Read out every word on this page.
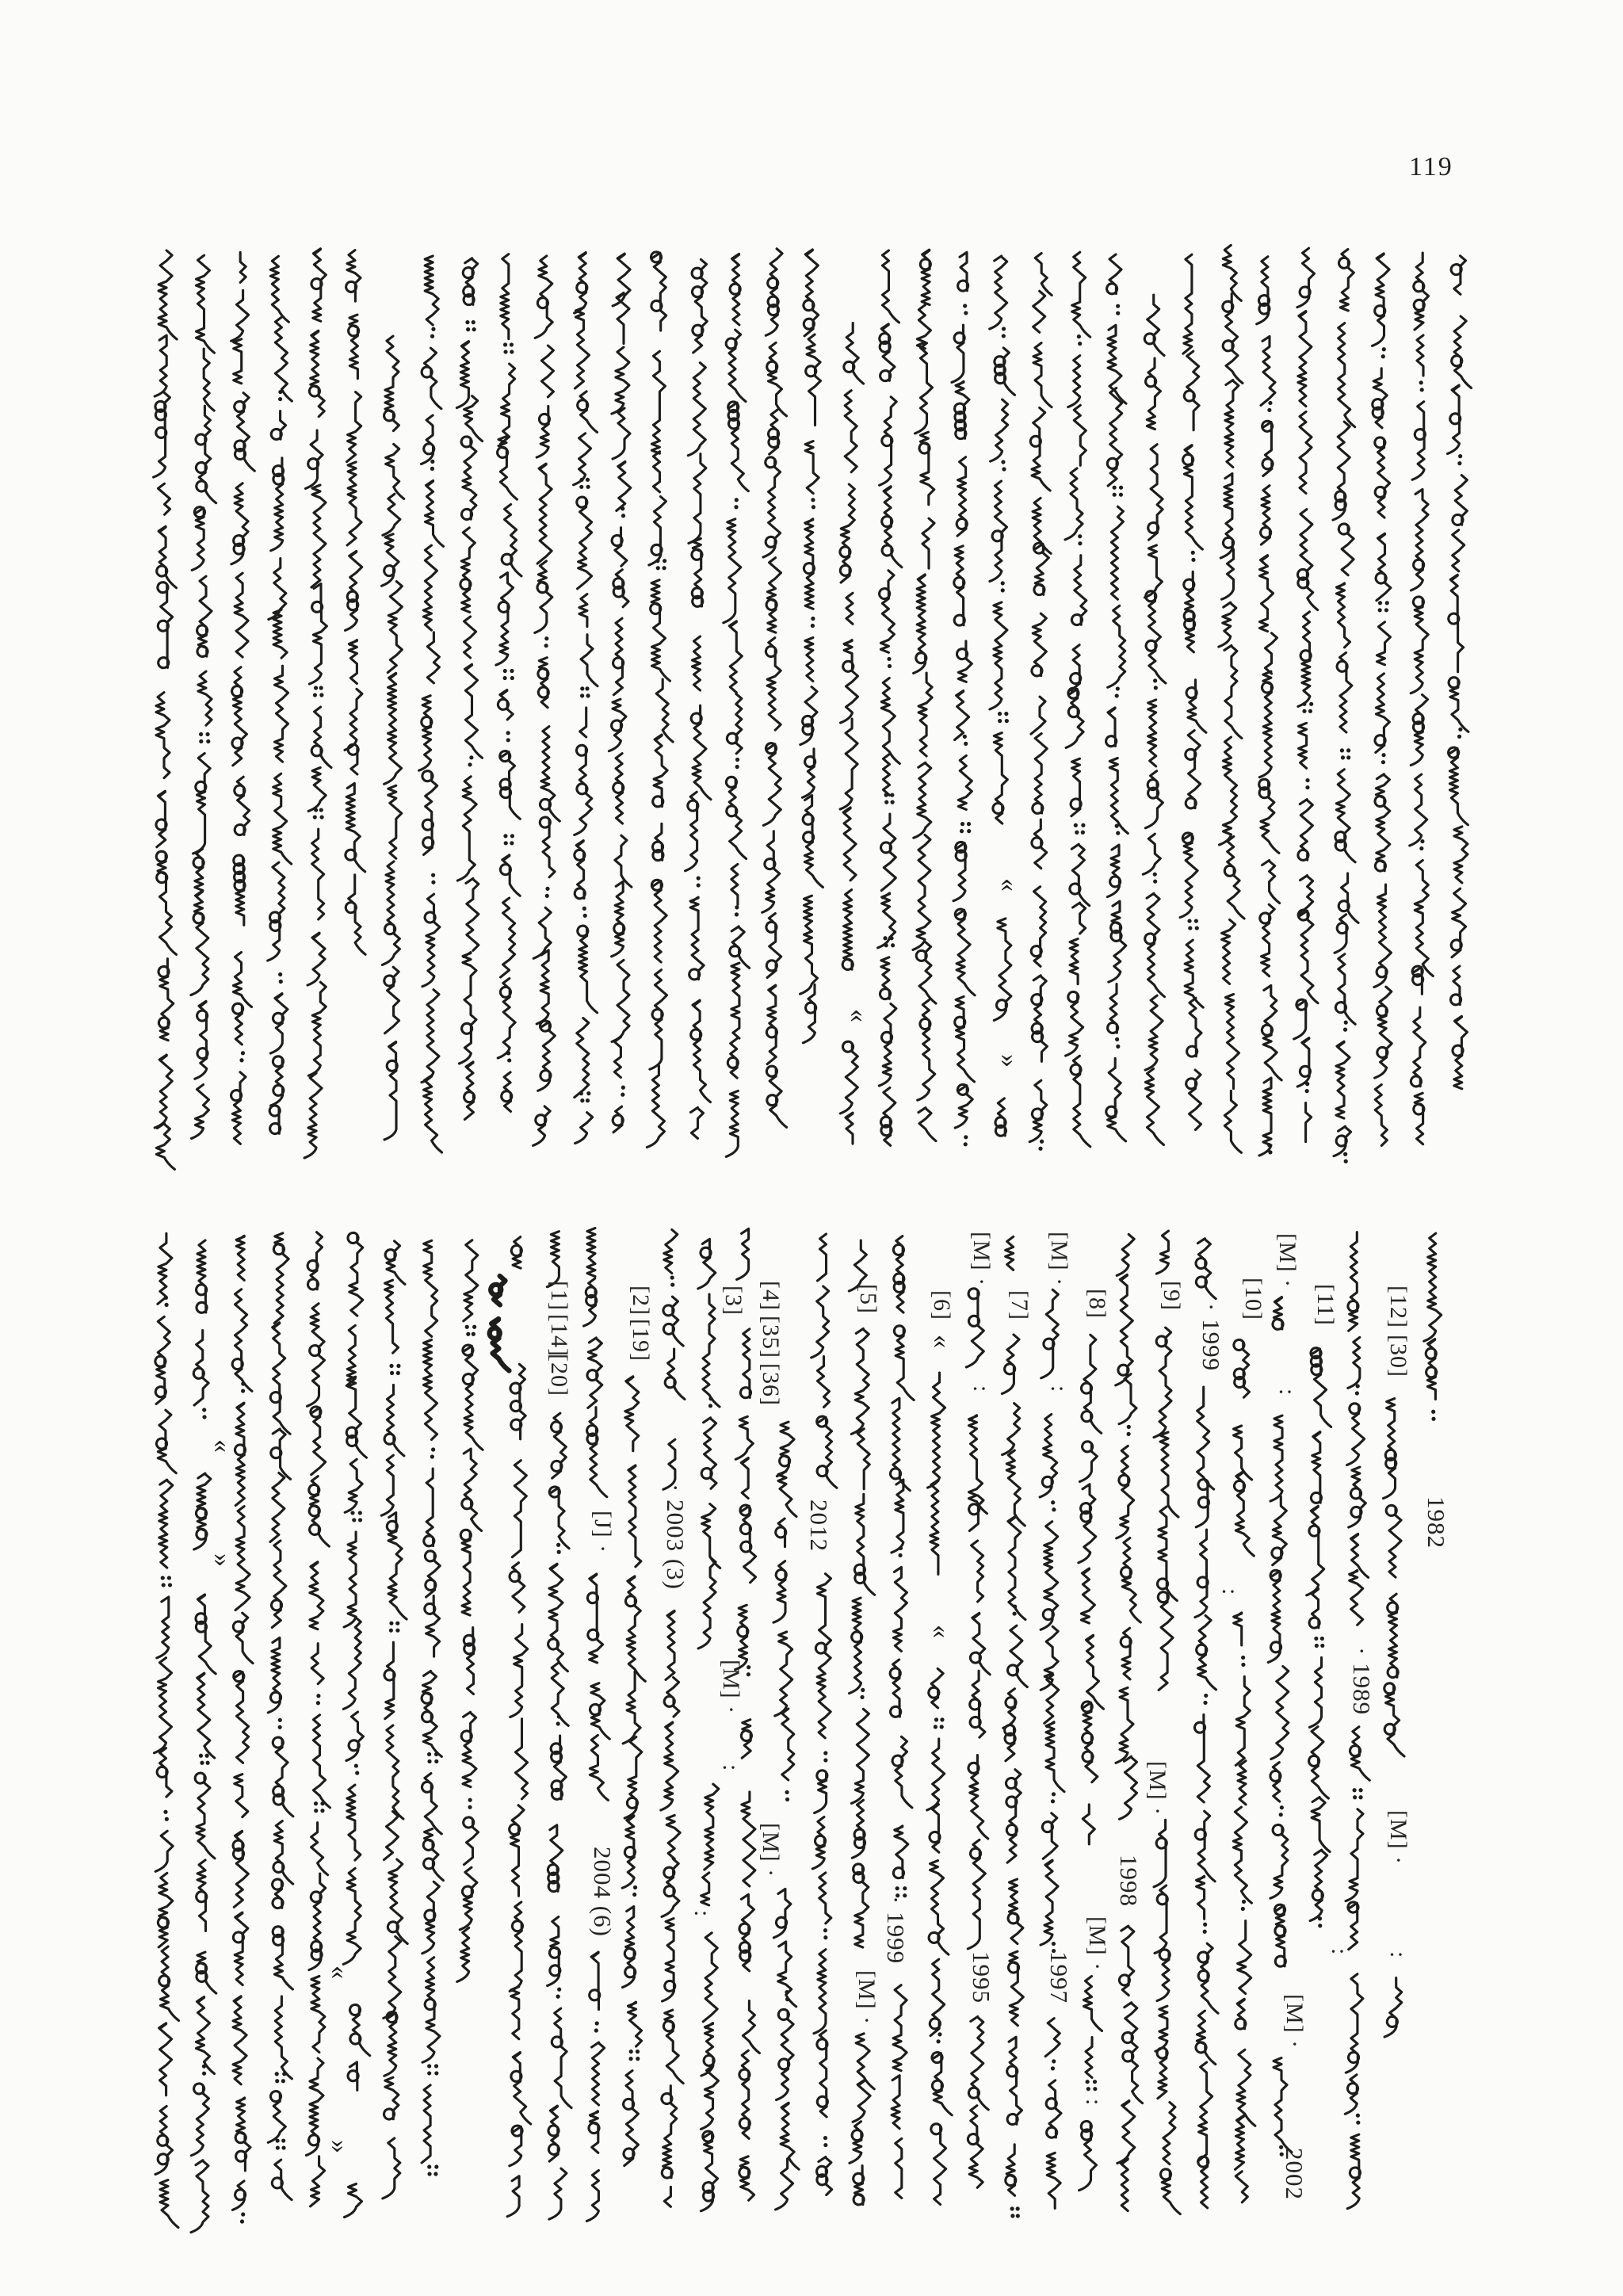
119
[1]
[14]
[20]
[J] ·
2004 (6)
[2]
[19]
· 2003 (3)
[3]
[M] ·
:
:
[4]
[35]
[36]
[M] ·
2012
[5]
[M] ·
· 1999
[6]
[M] ·
:
1995
[7]
[M] ·
:
1997
[8]
[M] ·
:
1998
[M] ·
[9]
· 1999
:
[10]
[M] ·
:
[M] ·
2002
[11]
:
· 1989
[12]
[30]
[M] ·
:
1982
«
»
«
«
«
«
»
«
»
